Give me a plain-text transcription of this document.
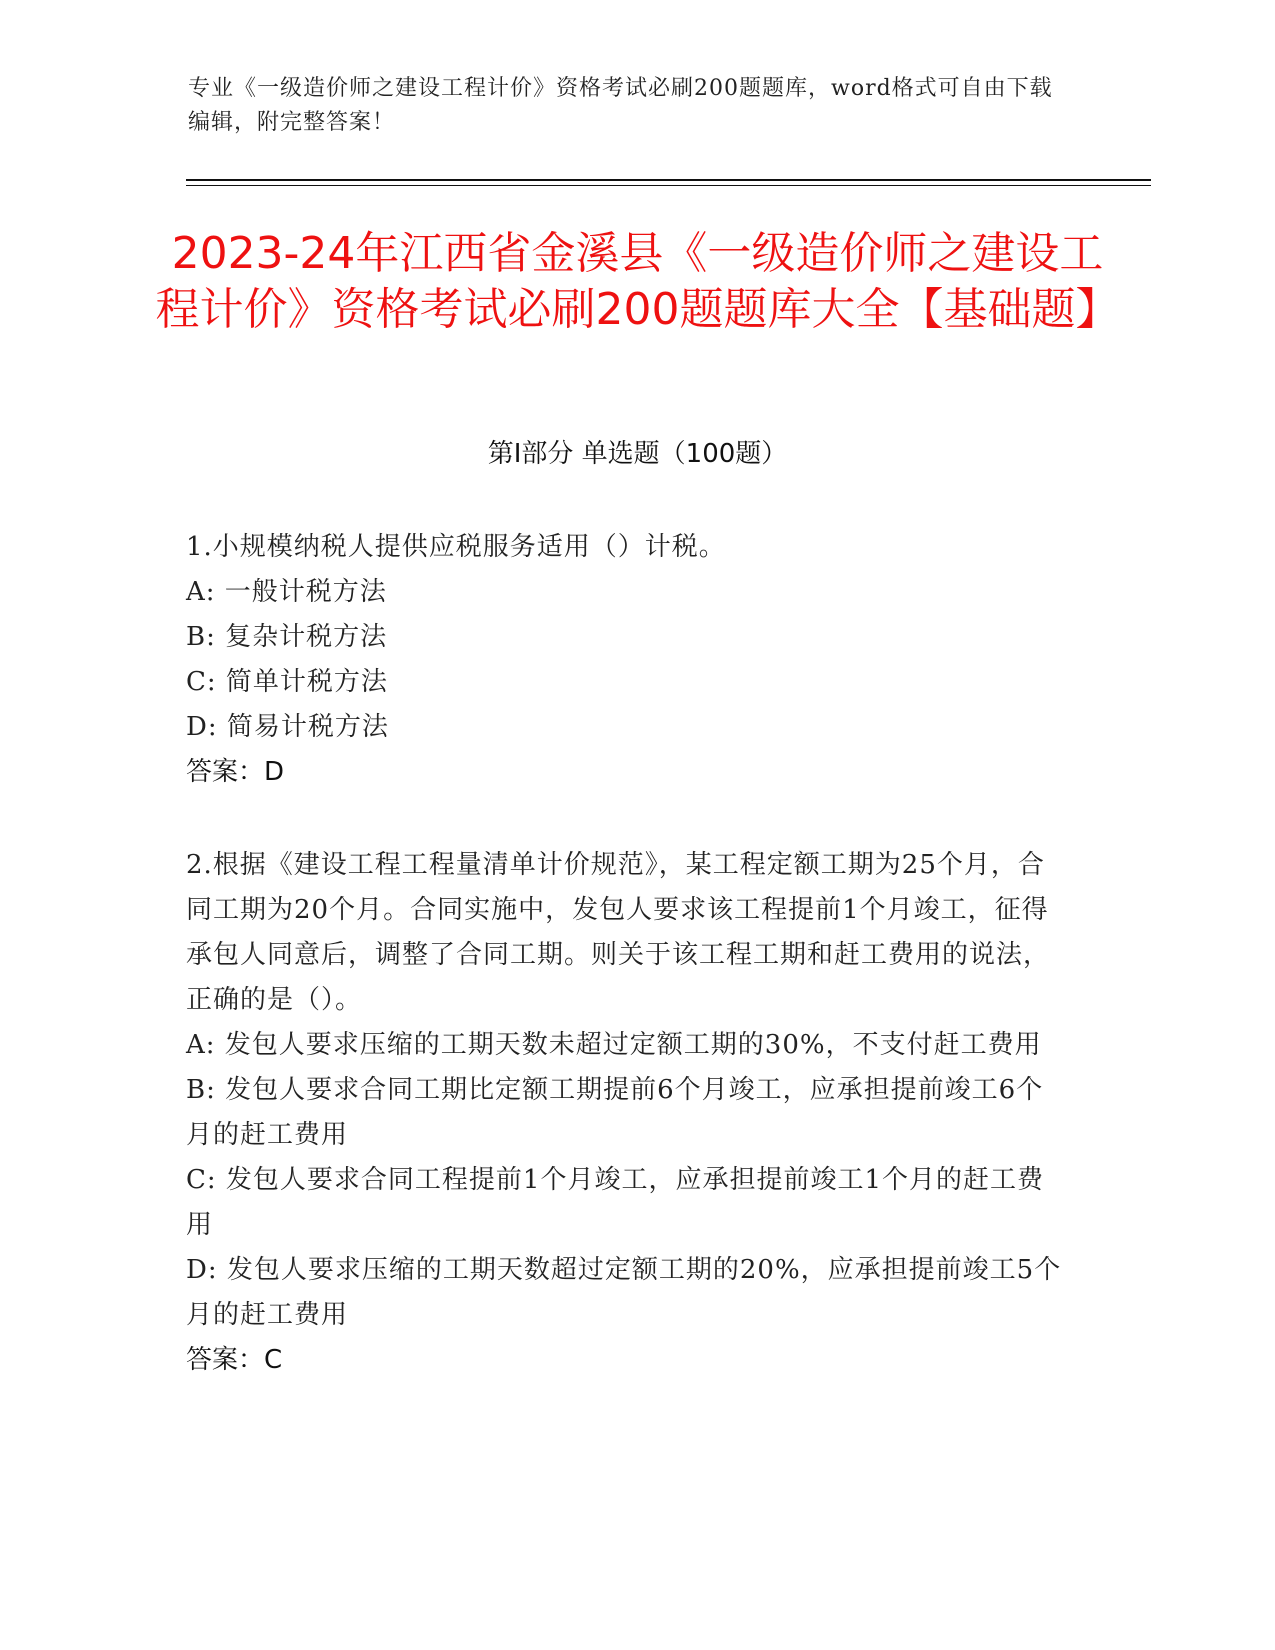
专业《一级造价师之建设工程计价》资格考试必刷200题题库，word格式可自由下载编辑，附完整答案！
2023-24年江西省金溪县《一级造价师之建设工程计价》资格考试必刷200题题库大全【基础题】
第Ⅰ部分 单选题（100题）
1.小规模纳税人提供应税服务适用（）计税。
A: 一般计税方法
B: 复杂计税方法
C: 简单计税方法
D: 简易计税方法
答案：D
2.根据《建设工程工程量清单计价规范》，某工程定额工期为25个月，合同工期为20个月。合同实施中，发包人要求该工程提前1个月竣工，征得承包人同意后，调整了合同工期。则关于该工程工期和赶工费用的说法，正确的是（）。
A: 发包人要求压缩的工期天数未超过定额工期的30%，不支付赶工费用
B: 发包人要求合同工期比定额工期提前6个月竣工，应承担提前竣工6个月的赶工费用
C: 发包人要求合同工程提前1个月竣工，应承担提前竣工1个月的赶工费用
D: 发包人要求压缩的工期天数超过定额工期的20%，应承担提前竣工5个月的赶工费用
答案：C
